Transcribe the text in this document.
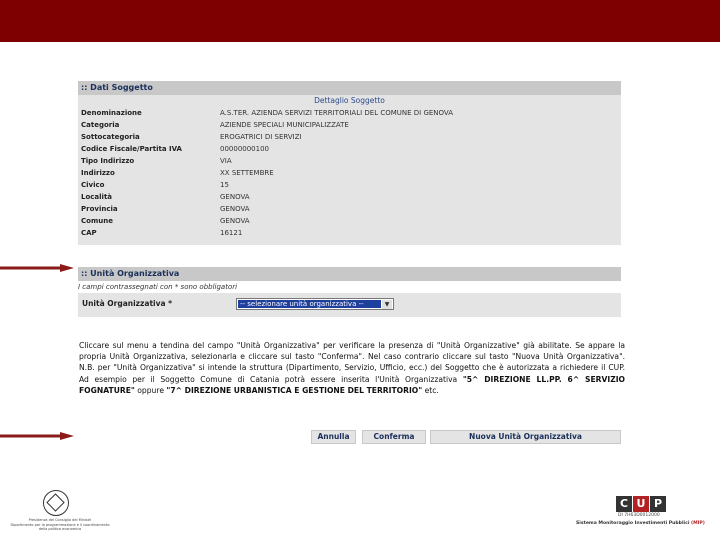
:: Dati Soggetto
Dettaglio Soggetto
Denominazione	A.S.TER. AZIENDA SERVIZI TERRITORIALI DEL COMUNE DI GENOVA
Categoria	AZIENDE SPECIALI MUNICIPALIZZATE
Sottocategoria	EROGATRICI DI SERVIZI
Codice Fiscale/Partita IVA	00000000100
Tipo Indirizzo	VIA
Indirizzo	XX SETTEMBRE
Civico	15
Località	GENOVA
Provincia	GENOVA
Comune	GENOVA
CAP	16121
:: Unità Organizzativa
I campi contrassegnati con * sono obbligatori
Unità Organizzativa *	-- selezionare unità organizzativa --	▼
Cliccare sul menu a tendina del campo "Unità Organizzativa" per verificare la presenza di "Unità Organizzative" già abilitate. Se appare la propria Unità Organizzativa, selezionarla e cliccare sul tasto "Conferma". Nel caso contrario cliccare sul tasto "Nuova Unità Organizzativa". N.B. per "Unità Organizzativa" si intende la struttura (Dipartimento, Servizio, Ufficio, ecc.) del Soggetto che è autorizzata a richiedere il CUP. Ad esempio per il Soggetto Comune di Catania potrà essere inserita l'Unità Organizzativa "5^ DIREZIONE LL.PP. 6^ SERVIZIO FOGNATURE" oppure "7^ DIREZIONE URBANISTICA E GESTIONE DEL TERRITORIO" etc.
Annulla	Conferma	Nuova Unità Organizzativa
Presidenza del Consiglio dei Ministri
Dipartimento per la programmazione e il coordinamento della politica economica
C U P
DI 7H63D0012000
Sistema Monitoraggio Investimenti Pubblici (MIP)
